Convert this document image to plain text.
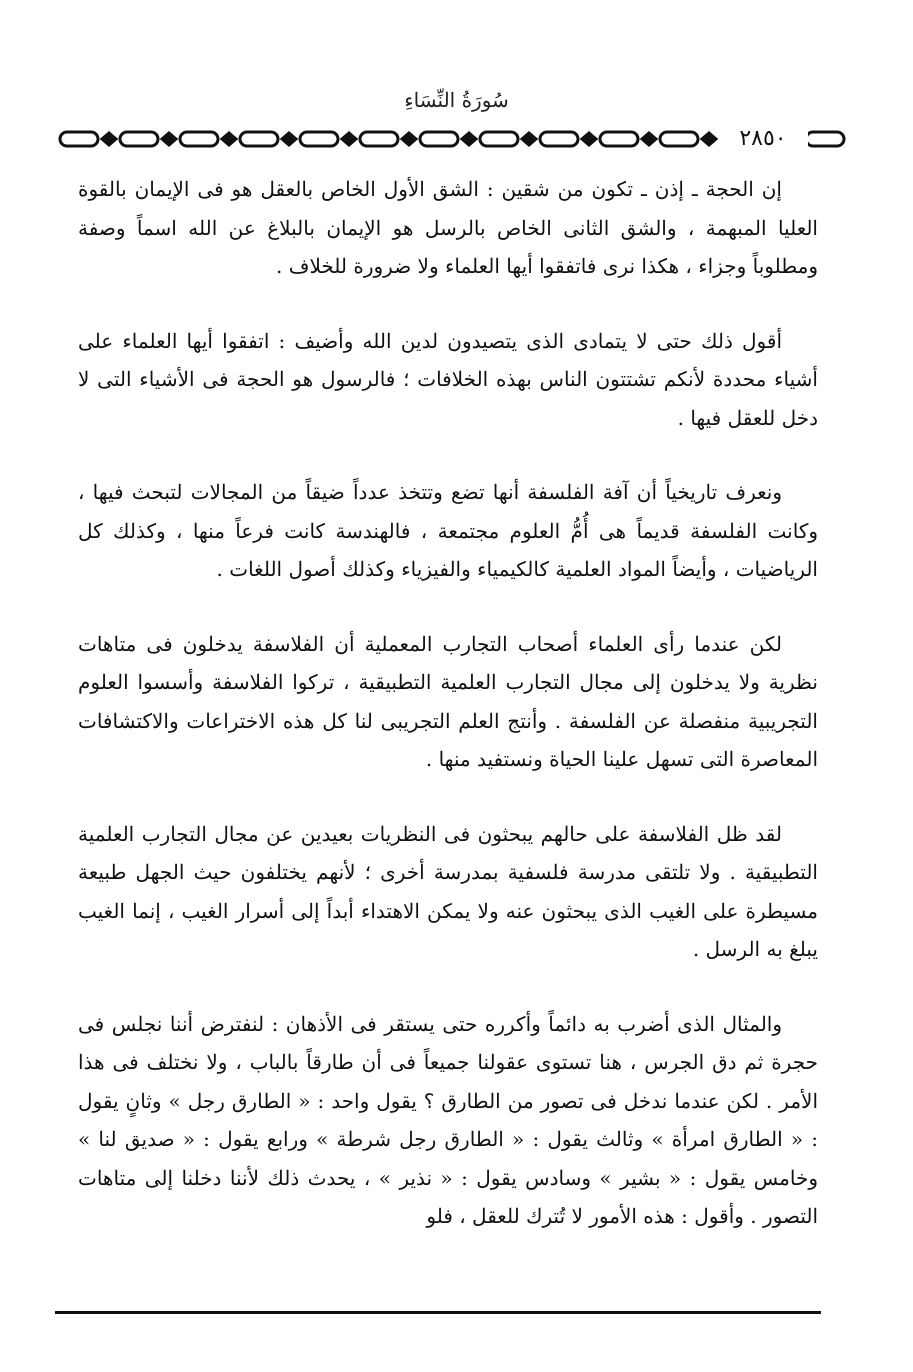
سُورَةُ النِّسَاءِ
٢٨٥٠

إن الحجة ـ إذن ـ تكون من شقين : الشق الأول الخاص بالعقل هو فى الإيمان بالقوة العليا المبهمة ، والشق الثانى الخاص بالرسل هو الإيمان بالبلاغ عن الله اسماً وصفة ومطلوباً وجزاء ، هكذا نرى فاتفقوا أيها العلماء ولا ضرورة للخلاف .

أقول ذلك حتى لا يتمادى الذى يتصيدون لدين الله وأضيف : اتفقوا أيها العلماء على أشياء محددة لأنكم تشتتون الناس بهذه الخلافات ؛ فالرسول هو الحجة فى الأشياء التى لا دخل للعقل فيها .

ونعرف تاريخياً أن آفة الفلسفة أنها تضع وتتخذ عدداً ضيقاً من المجالات لتبحث فيها ، وكانت الفلسفة قديماً هى أُمُّ العلوم مجتمعة ، فالهندسة كانت فرعاً منها ، وكذلك كل الرياضيات ، وأيضاً المواد العلمية كالكيمياء والفيزياء وكذلك أصول اللغات .

لكن عندما رأى العلماء أصحاب التجارب المعملية أن الفلاسفة يدخلون فى متاهات نظرية ولا يدخلون إلى مجال التجارب العلمية التطبيقية ، تركوا الفلاسفة وأسسوا العلوم التجريبية منفصلة عن الفلسفة . وأنتج العلم التجريبى لنا كل هذه الاختراعات والاكتشافات المعاصرة التى تسهل علينا الحياة ونستفيد منها .

لقد ظل الفلاسفة على حالهم يبحثون فى النظريات بعيدين عن مجال التجارب العلمية التطبيقية . ولا تلتقى مدرسة فلسفية بمدرسة أخرى ؛ لأنهم يختلفون حيث الجهل طبيعة مسيطرة على الغيب الذى يبحثون عنه ولا يمكن الاهتداء أبداً إلى أسرار الغيب ، إنما الغيب يبلغ به الرسل .

والمثال الذى أضرب به دائماً وأكرره حتى يستقر فى الأذهان : لنفترض أننا نجلس فى حجرة ثم دق الجرس ، هنا تستوى عقولنا جميعاً فى أن طارقاً بالباب ، ولا نختلف فى هذا الأمر . لكن عندما ندخل فى تصور من الطارق ؟ يقول واحد : « الطارق رجل » وثانٍ يقول : « الطارق امرأة » وثالث يقول : « الطارق رجل شرطة » ورابع يقول : « صديق لنا » وخامس يقول : « بشير » وسادس يقول : « نذير » ، يحدث ذلك لأننا دخلنا إلى متاهات التصور . وأقول : هذه الأمور لا تُترك للعقل ، فلو
